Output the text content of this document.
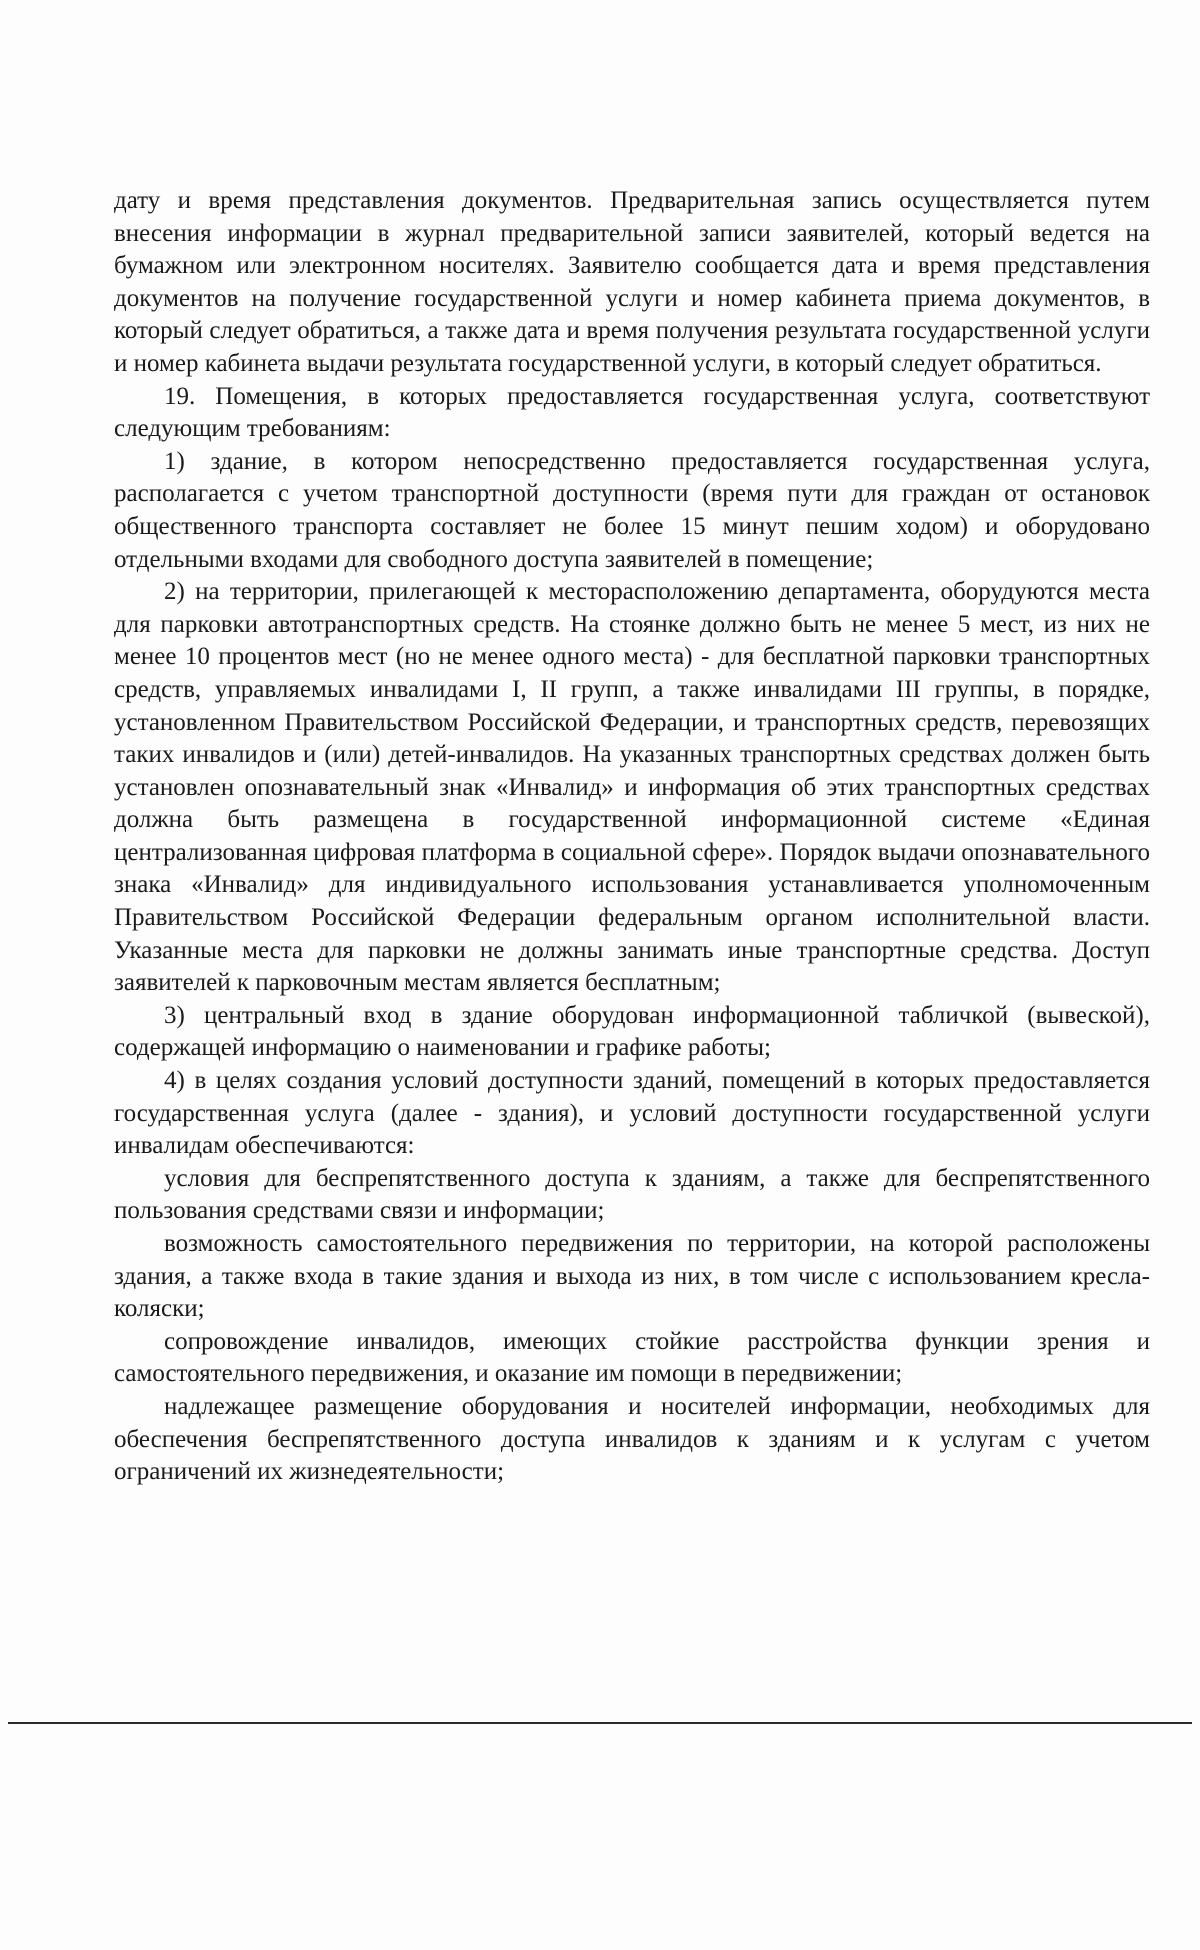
дату и время представления документов. Предварительная запись осуществляется путем внесения информации в журнал предварительной записи заявителей, который ведется на бумажном или электронном носителях. Заявителю сообщается дата и время представления документов на получение государственной услуги и номер кабинета приема документов, в который следует обратиться, а также дата и время получения результата государственной услуги и номер кабинета выдачи результата государственной услуги, в который следует обратиться.

19. Помещения, в которых предоставляется государственная услуга, соответствуют следующим требованиям:

1) здание, в котором непосредственно предоставляется государственная услуга, располагается с учетом транспортной доступности (время пути для граждан от остановок общественного транспорта составляет не более 15 минут пешим ходом) и оборудовано отдельными входами для свободного доступа заявителей в помещение;

2) на территории, прилегающей к месторасположению департамента, оборудуются места для парковки автотранспортных средств. На стоянке должно быть не менее 5 мест, из них не менее 10 процентов мест (но не менее одного места) - для бесплатной парковки транспортных средств, управляемых инвалидами I, II групп, а также инвалидами III группы, в порядке, установленном Правительством Российской Федерации, и транспортных средств, перевозящих таких инвалидов и (или) детей-инвалидов. На указанных транспортных средствах должен быть установлен опознавательный знак «Инвалид» и информация об этих транспортных средствах должна быть размещена в государственной информационной системе «Единая централизованная цифровая платформа в социальной сфере». Порядок выдачи опознавательного знака «Инвалид» для индивидуального использования устанавливается уполномоченным Правительством Российской Федерации федеральным органом исполнительной власти. Указанные места для парковки не должны занимать иные транспортные средства. Доступ заявителей к парковочным местам является бесплатным;

3) центральный вход в здание оборудован информационной табличкой (вывеской), содержащей информацию о наименовании и графике работы;

4) в целях создания условий доступности зданий, помещений в которых предоставляется государственная услуга (далее - здания), и условий доступности государственной услуги инвалидам обеспечиваются:

условия для беспрепятственного доступа к зданиям, а также для беспрепятственного пользования средствами связи и информации;

возможность самостоятельного передвижения по территории, на которой расположены здания, а также входа в такие здания и выхода из них, в том числе с использованием кресла-коляски;

сопровождение инвалидов, имеющих стойкие расстройства функции зрения и самостоятельного передвижения, и оказание им помощи в передвижении;

надлежащее размещение оборудования и носителей информации, необходимых для обеспечения беспрепятственного доступа инвалидов к зданиям и к услугам с учетом ограничений их жизнедеятельности;
